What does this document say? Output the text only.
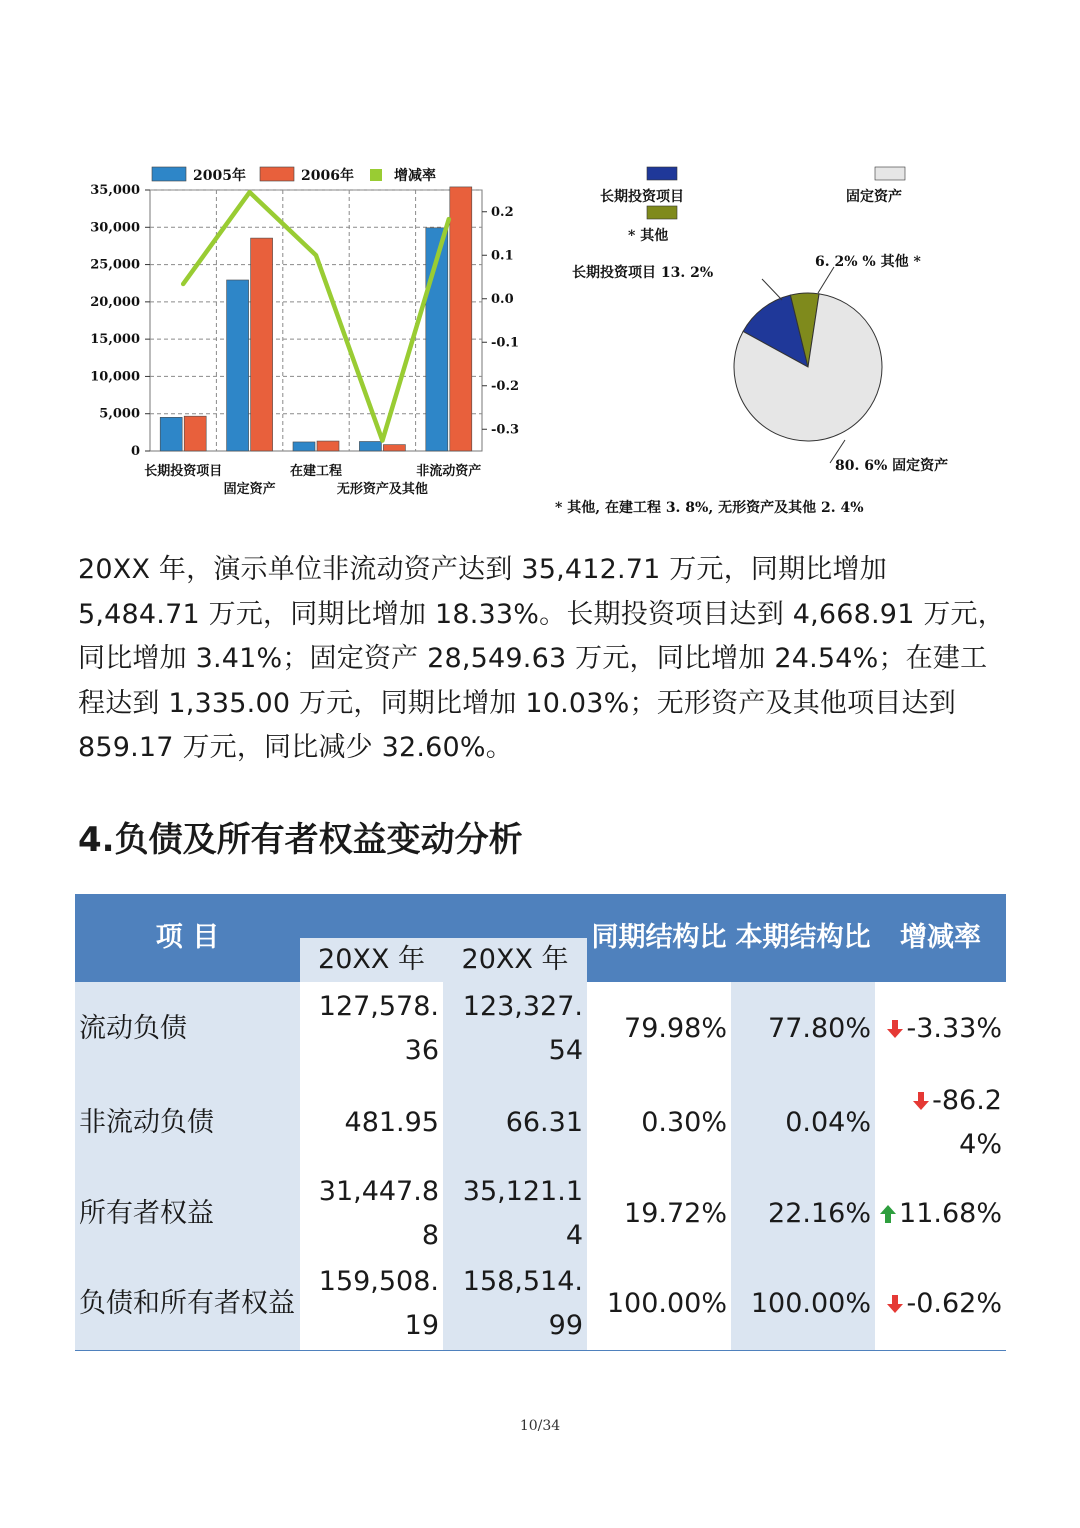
0
5,000
10,000
15,000
20,000
25,000
30,000
35,000
0.2
0.1
0.0
-0.1
-0.2
-0.3
长期投资项目
固定资产
在建工程
无形资产及其他
非流动资产
2005年	2006年	增减率
长期投资项目	固定资产
* 其他
长期投资项目 13. 2%
6. 2% % 其他 *
80. 6% 固定资产
* 其他, 在建工程 3. 8%, 无形资产及其他 2. 4%

20XX 年，演示单位非流动资产达到 35,412.71 万元，同期比增加 5,484.71 万元，同期比增加 18.33%。长期投资项目达到 4,668.91 万元，同比增加 3.41%；固定资产 28,549.63 万元，同比增加 24.54%；在建工程达到 1,335.00 万元，同期比增加 10.03%；无形资产及其他项目达到 859.17 万元，同比减少 32.60%。

4.负债及所有者权益变动分析
项 目			同期结构比	本期结构比	增减率
	20XX 年	20XX 年			
流动负债	127,578.36	123,327.54	79.98%	77.80%	-3.33%
非流动负债	481.95	66.31	0.30%	0.04%	-86.24%
所有者权益	31,447.88	35,121.14	19.72%	22.16%	11.68%
负债和所有者权益	159,508.19	158,514.99	100.00%	100.00%	-0.62%
10/34
